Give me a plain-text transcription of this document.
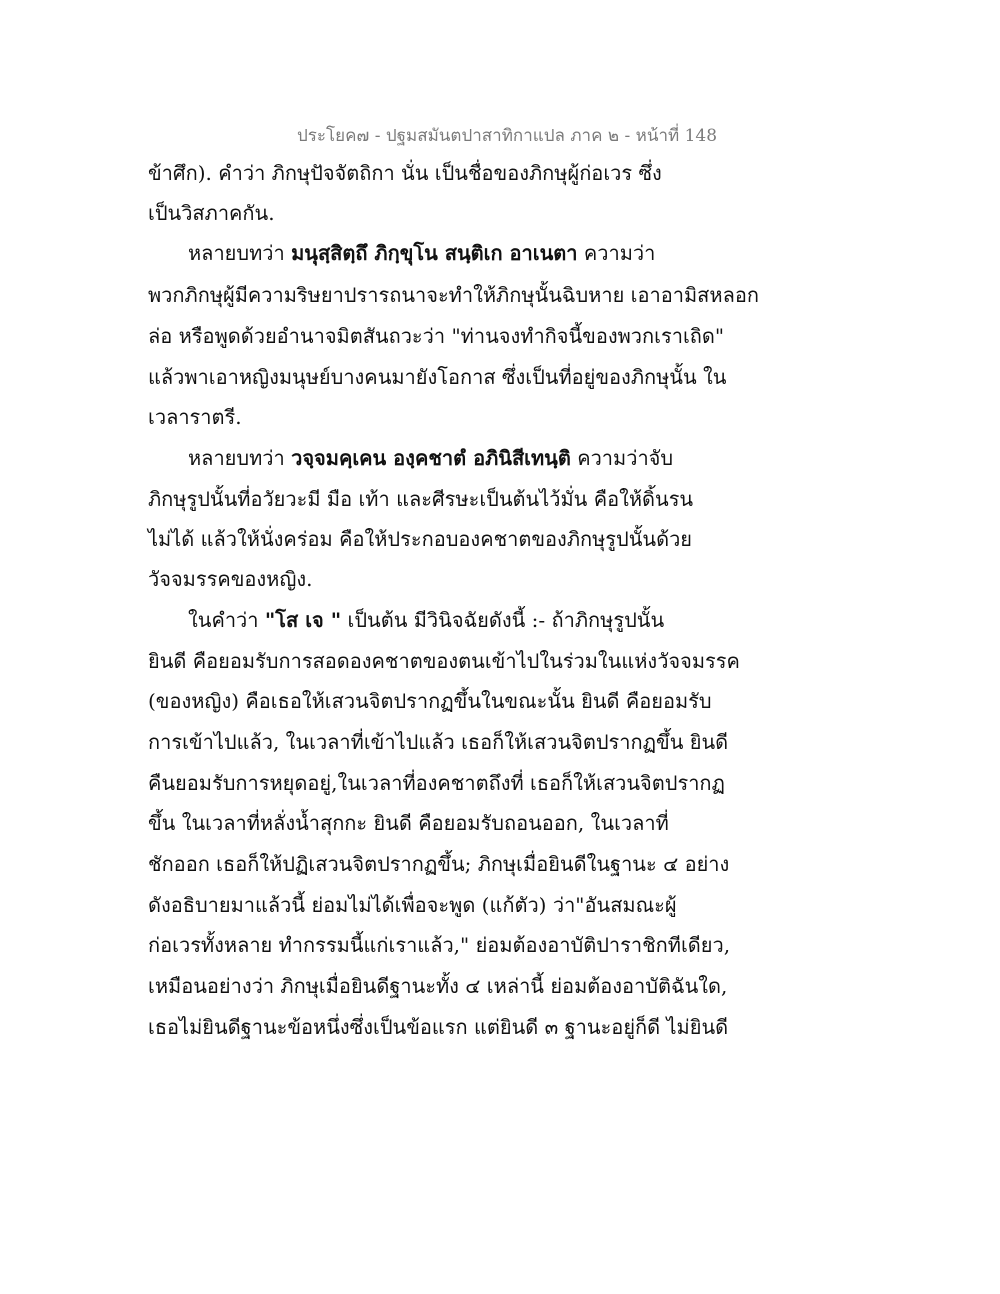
ประโยค๗ - ปฐมสมันตปาสาทิกาแปล ภาค ๒ - หน้าที่ 148
ข้าศึก). คำว่า ภิกษุปัจจัตถิกา นั่น เป็นชื่อของภิกษุผู้ก่อเวร ซึ่ง
เป็นวิสภาคกัน.
หลายบทว่า มนุสฺสิตฺถึ ภิกฺขุโน สนฺติเก อาเนตา ความว่า
พวกภิกษุผู้มีความริษยาปรารถนาจะทำให้ภิกษุนั้นฉิบหาย เอาอามิสหลอก
ล่อ หรือพูดด้วยอำนาจมิตสันถวะว่า "ท่านจงทำกิจนี้ของพวกเราเถิด"
แล้วพาเอาหญิงมนุษย์บางคนมายังโอกาส ซึ่งเป็นที่อยู่ของภิกษุนั้น ใน
เวลาราตรี.
หลายบทว่า วจฺจมคฺเคน องฺคชาตํ อภินิสีเทนฺติ ความว่าจับ
ภิกษุรูปนั้นที่อวัยวะมี มือ เท้า และศีรษะเป็นต้นไว้มั่น คือให้ดิ้นรน
ไม่ได้ แล้วให้นั่งคร่อม คือให้ประกอบองคชาตของภิกษุรูปนั้นด้วย
วัจจมรรคของหญิง.
ในคำว่า "โส เจ " เป็นต้น มีวินิจฉัยดังนี้ :- ถ้าภิกษุรูปนั้น
ยินดี คือยอมรับการสอดองคชาตของตนเข้าไปในร่วมในแห่งวัจจมรรค
(ของหญิง) คือเธอให้เสวนจิตปรากฏขึ้นในขณะนั้น ยินดี คือยอมรับ
การเข้าไปแล้ว, ในเวลาที่เข้าไปแล้ว เธอก็ให้เสวนจิตปรากฏขึ้น ยินดี
คืนยอมรับการหยุดอยู่,ในเวลาที่องคชาตถึงที่ เธอก็ให้เสวนจิตปรากฏ
ขึ้น ในเวลาที่หลั่งน้ำสุกกะ ยินดี คือยอมรับถอนออก, ในเวลาที่
ชักออก เธอก็ให้ปฏิเสวนจิตปรากฏขึ้น; ภิกษุเมื่อยินดีในฐานะ ๔ อย่าง
ดังอธิบายมาแล้วนี้ ย่อมไม่ได้เพื่อจะพูด (แก้ตัว) ว่า"อันสมณะผู้
ก่อเวรทั้งหลาย ทำกรรมนี้แก่เราแล้ว," ย่อมต้องอาบัติปาราชิกทีเดียว,
เหมือนอย่างว่า ภิกษุเมื่อยินดีฐานะทั้ง ๔ เหล่านี้ ย่อมต้องอาบัติฉันใด,
เธอไม่ยินดีฐานะข้อหนึ่งซึ่งเป็นข้อแรก แต่ยินดี ๓ ฐานะอยู่ก็ดี ไม่ยินดี
